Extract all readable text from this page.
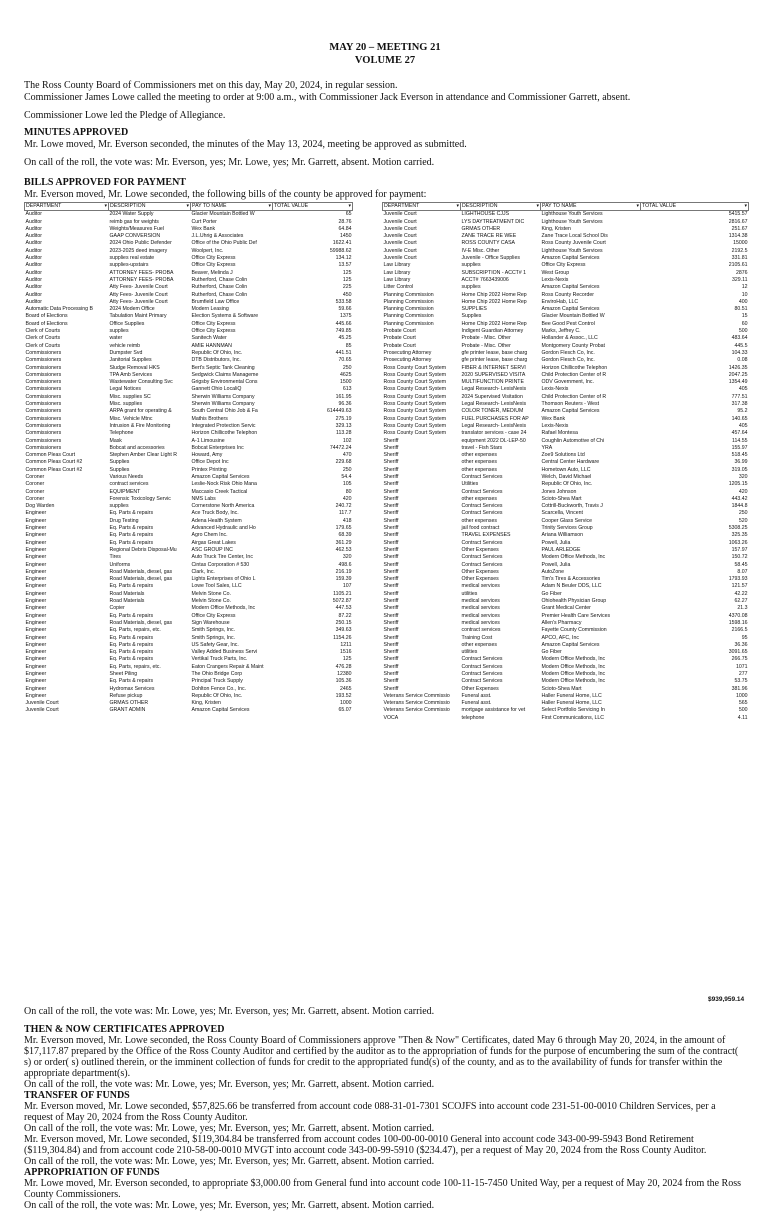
MAY 20 – MEETING 21
VOLUME 27
The Ross County Board of Commissioners met on this day, May 20, 2024, in regular session.
Commissioner James Lowe called the meeting to order at 9:00 a.m., with Commissioner Jack Everson in attendance and Commissioner Garrett, absent.
Commissioner Lowe led the Pledge of Allegiance.
MINUTES APPROVED
Mr. Lowe moved, Mr. Everson seconded, the minutes of the May 13, 2024, meeting be approved as submitted.
On call of the roll, the vote was: Mr. Everson, yes; Mr. Lowe, yes; Mr. Garrett, absent. Motion carried.
BILLS APPROVED FOR PAYMENT
Mr. Everson moved, Mr. Lowe seconded, the following bills of the county be approved for payment:
DEPARTMENT ▾	DESCRIPTION ▾	PAY TO NAME ▾	TOTAL VALUE ▾

Auditor	2024 Water Supply	Glacier Mountain Bottled W	65
Auditor	reimb gas for weights	Curt Porter	28.76
Auditor	Weights/Measures Fuel	Wex Bank	64.84
Auditor	GAAP CONVERSION	J.L.Uhrig & Associates	1450
Auditor	2024 Ohio Public Defender	Office of the Ohio Public Def	1622.41
Auditor	2023-2025 deed imagery	Woolpert, Inc.	59988.62
Auditor	supplies real estate	Office City Express	134.12
Auditor	supplies-upstairs	Office City Express	13.57
Auditor	ATTORNEY FEES- PROBA	Beaver, Melinda J	125
Auditor	ATTORNEY FEES- PROBA	Rutherford, Chase Colin	125
Auditor	Atty Fees- Juvenile Court	Rutherford, Chase Colin	225
Auditor	Atty Fees- Juvenile Court	Rutherford, Chase Colin	450
Auditor	Atty Fees- Juvenile Court	Brumfield Law Office	533.58
Automatic Data Processing B	2024 Modem Office	Modern Leasing	59.66
Board of Elections	Tabulation Maint Primary	Election Systems & Software	1375
Board of Elections	Office Supplies	Office City Express	445.66
Clerk of Courts	supplies	Office City Express	749.85
Clerk of Courts	water	Sanitech Water	45.25
Clerk of Courts	vehicle reimb	AMIE HANNMAN	85
Commissioners	Dumpster Svd	Republic Of Ohio, Inc.	441.51
Commissioners	Janitorial Supplies	DTB Distributors, Inc.	70.65
Commissioners	Sludge Removal HKS	Bert's Septic Tank Cleaning	250
Commissioners	TPA Amb Services	Sedgwick Claims Manageme	4625
Commissioners	Wastewater Consulting Svc	Grigsby Environmental Cons	1500
Commissioners	Legal Notices	Gannett Ohio LocaliQ	613
Commissioners	Misc. supplies SC	Sherwin Williams Company	161.95
Commissioners	Misc. supplies	Sherwin Williams Company	96.36
Commissioners	ARPA grant for operating &	South Central Ohio Job & Fa	614449.63
Commissioners	Misc. Vehicle Mtnc	Mathis Brothers	275.19
Commissioners	Intrusion & Fire Monitoring	Integrated Protection Servic	329.13
Commissioners	Telephone	Horizon Chillicothe Telephon	113.28
Commissioners	Mask	A-1 Limousine	102
Commissioners	Bobcat and accessories	Bobcat Enterprises Inc	74472.24
Common Pleas Court	Stephen Amber Clear Light R	Howard, Amy	470
Common Pleas Court #2	Supplies	Office Depot Inc	229.68
Common Pleas Court #2	Supplies	Printex Printing	250
Coroner	Various Needs	Amazon Capital Services	54.4
Coroner	contract services	Leslie-Nock Risk Ohio Mana	105
Coroner	EQUIPMENT	Maccasio Creek Tactical	80
Coroner	Forensic Toxicology Servic	NMS Labs	420
Dog Warden	supplies	Cornerstone North America	240.72
Engineer	Eq. Parts & repairs	Ace Truck Body, Inc.	117.7
Engineer	Drug Testing	Adena Health System	418
Engineer	Eq. Parts & repairs	Advanced Hydraulic and Ho	179.65
Engineer	Eq. Parts & repairs	Agro Chem Inc.	68.39
Engineer	Eq. Parts & repairs	Airgas Great Lakes	361.29
Engineer	Regional Debris Disposal-Mu	ASC GROUP INC	462.53
Engineer	Tires	Auto Truck Tire Center, Inc	320
Engineer	Uniforms	Cintas Corporation # 530	498.6
Engineer	Road Materials, diesel, gas	Clark, Inc.	216.19
Engineer	Road Materials, diesel, gas	Lights Enterprises of Ohio L	159.39
Engineer	Eq. Parts & repairs	Lowe Tool Sales, LLC	107
Engineer	Road Materials	Melvin Stone Co.	1105.21
Engineer	Road Materials	Melvin Stone Co.	5072.87
Engineer	Copier	Modern Office Methods, Inc	447.53
Engineer	Eq. Parts & repairs	Office City Express	87.22
Engineer	Road Materials, diesel, gas	Sign Warehouse	250.15
Engineer	Eq. Parts, repairs, etc.	Smith Springs, Inc.	349.63
Engineer	Eq. Parts & repairs	Smith Springs, Inc.	1154.26
Engineer	Eq. Parts & repairs	US Safety Gear, Inc.	1211
Engineer	Eq. Parts & repairs	Valley Added Business Servi	1516
Engineer	Eq. Parts & repairs	Vertikal Truck Parts, Inc.	125
Engineer	Eq. Parts, repairs, etc.	Eaton Crangers Repair & Maint	476.28
Engineer	Sheet Piling	The Ohio Bridge Corp	12380
Engineer	Eq. Parts & repairs	Principal Truck Supply	105.36
Engineer	Hydromax Services	Dohlton Fence Co., Inc.	2465
Engineer	Refuse pickup	Republic Of Ohio, Inc.	193.52
Juvenile Court	GRMAS OTHER	King, Kristen	1000
Juvenile Court	GRANT ADMIN	Amazon Capital Services	65.07
DEPARTMENT ▾	DESCRIPTION ▾	PAY TO NAME ▾	TOTAL VALUE ▾

Juvenile Court	LIGHTHOUSE CJJS	Lighthouse Youth Services	5415.57
Juvenile Court	LYS DAYTREATMENT DIC	Lighthouse Youth Services	2816.67
Juvenile Court	GRMAS OTHER	King, Kristen	251.67
Juvenile Court	ZANE TRACE RE WEE	Zane Trace Local School Dis	1314.38
Juvenile Court	ROSS COUNTY CASA	Ross County Juvenile Court	15000
Juvenile Court	IV-E Misc. Other	Lighthouse Youth Services	2192.5
Juvenile Court	Juvenile - Office Supplies	Amazon Capital Services	331.81
Law Library	supplies	Office City Express	2105.61
Law Library	SUBSCRIPTION - ACCT# 1	West Group	2876
Law Library	ACCT# 7663439006	Lexis-Nexis	329.11
Litter Control	supplies	Amazon Capital Services	12
Planning Commission	Home Chip 2022 Home Rep	Ross County Recorder	10
Planning Commission	Home Chip 2022 Home Rep	EnviroHab, LLC	400
Planning Commission	SUPPLIES	Amazon Capital Services	80.51
Planning Commission	Supplies	Glacier Mountain Bottled W	15
Planning Commission	Home Chip 2022 Home Rep	Bee Good Pest Control	60
Probate Court	Indigent Guardian Attorney	Marks, Jeffrey C.	500
Probate Court	Probate - Misc. Other	Hollander & Assoc., LLC	483.64
Probate Court	Probate - Misc. Other	Montgomery County Probat	445.5
Prosecuting Attorney	gfe printer lease, base charg	Gordon Flesch Co, Inc.	104.33
Prosecuting Attorney	gfe printer lease, base charg	Gordon Flesch Co, Inc.	0.08
Ross County Court System	FIBER & INTERNET SERVI	Horizon Chillicothe Telephon	1426.35
Ross County Court System	2020 SUPERVISED VISITA	Child Protection Center of R	2047.25
Ross County Court System	MULTIFUNCTION PRINTE	ODV Government, Inc.	1354.49
Ross County Court System	Legal Research- LexisNexis	Lexis-Nexis	405
Ross County Court System	2024 Supervised Visitation	Child Protection Center of R	777.51
Ross County Court System	Legal Research- LexisNexis	Thomson Reuters - West	317.38
Ross County Court System	COLOR TONER, MEDIUM	Amazon Capital Services	95.2
Ross County Court System	FUEL PURCHASES FOR AP	Wex Bank	140.65
Ross County Court System	Legal Research- LexisNexis	Lexis-Nexis	405
Ross County Court System	translator services - case 24	Rafael Montesa	457.64
Sheriff	equipment 2022 DL-LEP-50	Coughlin Automotive of Chi	114.55
Sheriff	travel - Fish Stars	YRA	155.97
Sheriff	other expenses	Zoe9 Solutions Ltd	518.45
Sheriff	other expenses	Central Center Hardware	36.99
Sheriff	other expenses	Hometown Auto, LLC	319.05
Sheriff	Contract Services	Welch, David Michael	320
Sheriff	Utilities	Republic Of Ohio, Inc.	1205.15
Sheriff	Contract Services	Jones Johnson	420
Sheriff	other expenses	Scioto-Shea Mart	443.42
Sheriff	Contract Services	Cottrill-Buckworth, Travis J	1844.8
Sheriff	Contract Services	Scarcella, Vincent	250
Sheriff	other expenses	Cooper Glass Service	520
Sheriff	jail food contract	Trinity Services Group	5308.25
Sheriff	TRAVEL EXPENSES	Ariana Williamson	325.35
Sheriff	Contract Services	Powell, Julia	1063.26
Sheriff	Other Expenses	PAUL ARLEDGE	157.97
Sheriff	Contract Services	Modern Office Methods, Inc	150.72
Sheriff	Contract Services	Powell, Julia	58.45
Sheriff	Other Expenses	AutoZone	8.07
Sheriff	Other Expenses	Tim's Tires & Accessories	1793.93
Sheriff	medical services	Adam N Beuler DDS, LLC	121.57
Sheriff	utilities	Go Fiber	42.22
Sheriff	medical services	Ohiohealth Physician Group	62.27
Sheriff	medical services	Grant Medical Center	21.3
Sheriff	medical services	Premier Health Care Services	4370.08
Sheriff	medical services	Allen's Pharmacy	1598.16
Sheriff	contract services	Fayette County Commission	2166.5
Sheriff	Training Cost	APCO, AFC, Inc	95
Sheriff	other expenses	Amazon Capital Services	36.36
Sheriff	utilities	Go Fiber	3091.65
Sheriff	Contract Services	Modern Office Methods, Inc	266.75
Sheriff	Contract Services	Modern Office Methods, Inc	1071
Sheriff	Contract Services	Modern Office Methods, Inc	277
Sheriff	Contract Services	Modern Office Methods, Inc	53.75
Sheriff	Other Expenses	Scioto-Shea Mart	381.96
Veterans Service Commissio	Funeral asst.	Haller Funeral Home, LLC	1000
Veterans Service Commissio	Funeral asst.	Haller Funeral Home, LLC	565
Veterans Service Commissio	mortgage assistance for vet	Select Portfolio Servicing In	500
VOCA	telephone	First Communications, LLC	4.11
$939,959.14
On call of the roll, the vote was: Mr. Lowe, yes; Mr. Everson, yes; Mr. Garrett, absent. Motion carried.
THEN & NOW CERTIFICATES APPROVED
Mr. Everson moved, Mr. Lowe seconded, the Ross County Board of Commissioners approve "Then & Now" Certificates, dated May 6 through May 20, 2024, in the amount of $17,117.87 prepared by the Office of the Ross County Auditor and certified by the auditor as to the appropriation of funds for the purpose of encumbering the sum of the contract( s) or order( s) outlined therein, or the imminent collection of funds for credit to the appropriated fund(s) of the county, and as to the availability of funds for transfer within the appropriate department(s).
On call of the roll, the vote was: Mr. Lowe, yes; Mr. Everson, yes; Mr. Garrett, absent. Motion carried.
TRANSFER OF FUNDS
Mr. Everson moved, Mr. Lowe seconded, $57,825.66 be transferred from account code 088-31-01-7301 SCOJFS into account code 231-51-00-0010 Children Services, per a request of May 20, 2024 from the Ross County Auditor.
On call of the roll, the vote was: Mr. Lowe, yes; Mr. Everson, yes; Mr. Garrett, absent. Motion carried.
Mr. Everson moved, Mr. Lowe seconded, $119,304.84 be transferred from account codes 100-00-00-0010 General into account code 343-00-99-5943 Bond Retirement ($119,304.84) and from account code 210-58-00-0010 MVGT into account code 343-00-99-5910 ($234.47), per a request of May 20, 2024 from the Ross County Auditor.
On call of the roll, the vote was: Mr. Lowe, yes; Mr. Everson, yes; Mr. Garrett, absent. Motion carried.
APPROPRIATION OF FUNDS
Mr. Lowe moved, Mr. Everson seconded, to appropriate $3,000.00 from General fund into account code 100-11-15-7450 United Way, per a request of May 20, 2024 from the Ross County Commissioners.
On call of the roll, the vote was: Mr. Lowe, yes; Mr. Everson, yes; Mr. Garrett, absent. Motion carried.
